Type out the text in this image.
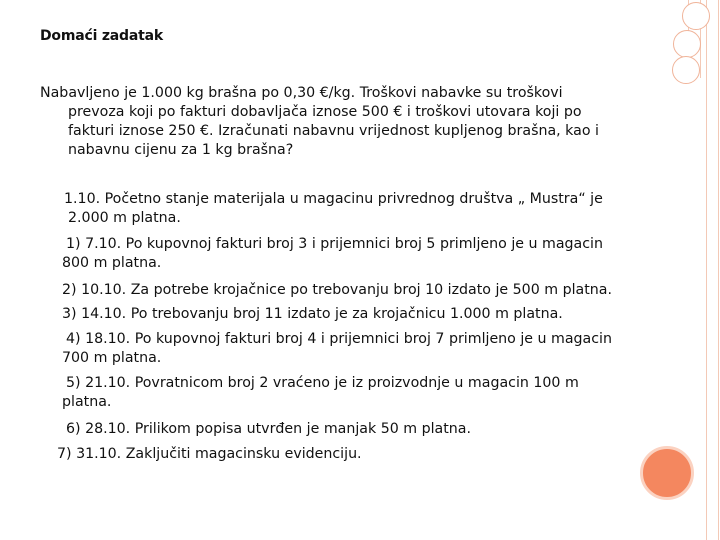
Domaći zadatak
Nabavljeno je 1.000 kg brašna po 0,30 €/kg. Troškovi nabavke su troškovi
prevoza koji po fakturi dobavljača iznose 500 € i troškovi utovara koji po
fakturi iznose 250 €. Izračunati nabavnu vrijednost kupljenog brašna, kao i
nabavnu cijenu za 1 kg brašna?
1.10. Početno stanje materijala u magacinu privrednog društva „ Mustra“ je
2.000 m platna.
1) 7.10. Po kupovnoj fakturi broj 3 i prijemnici broj 5 primljeno je u magacin
800 m platna.
2) 10.10. Za potrebe krojačnice po trebovanju broj 10 izdato je 500 m platna.
3) 14.10. Po trebovanju broj 11 izdato je za krojačnicu 1.000 m platna.
4) 18.10. Po kupovnoj fakturi broj 4 i prijemnici broj 7 primljeno je u magacin
700 m platna.
5) 21.10. Povratnicom broj 2 vraćeno je iz proizvodnje u magacin 100 m
platna.
6) 28.10. Prilikom popisa utvrđen je manjak 50 m platna.
7) 31.10. Zaključiti magacinsku evidenciju.
